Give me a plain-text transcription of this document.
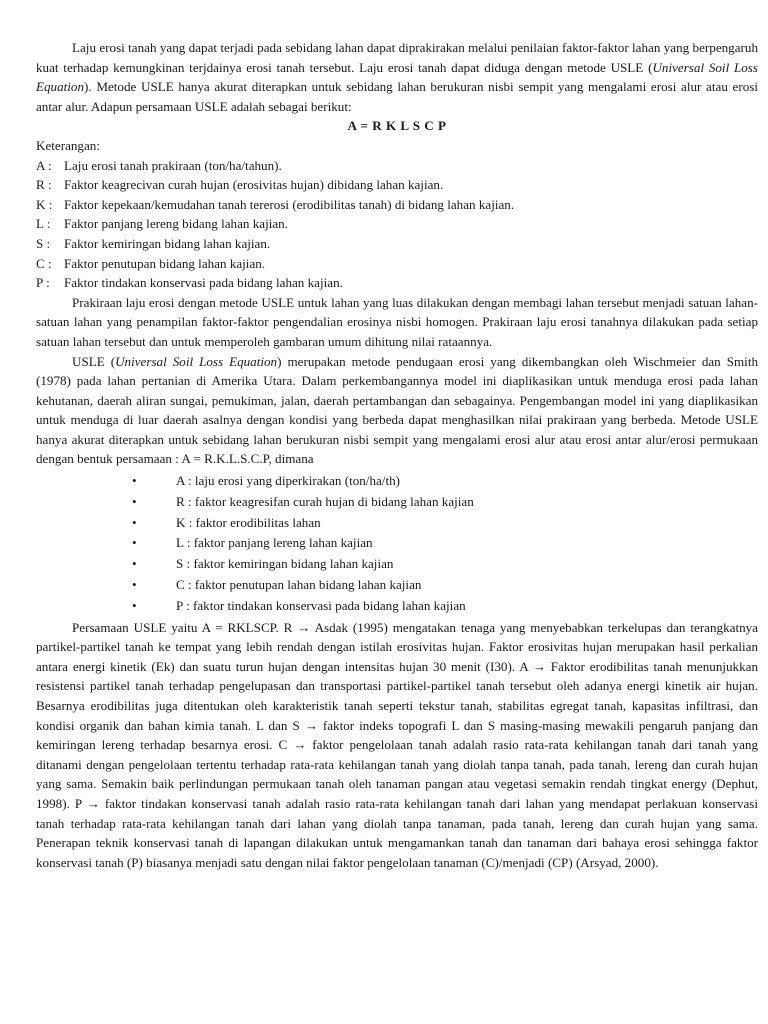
Laju erosi tanah yang dapat terjadi pada sebidang lahan dapat diprakirakan melalui penilaian faktor-faktor lahan yang berpengaruh kuat terhadap kemungkinan terjdainya erosi tanah tersebut. Laju erosi tanah dapat diduga dengan metode USLE (Universal Soil Loss Equation). Metode USLE hanya akurat diterapkan untuk sebidang lahan berukuran nisbi sempit yang mengalami erosi alur atau erosi antar alur. Adapun persamaan USLE adalah sebagai berikut:

A = R K L S C P

Keterangan:

A : Laju erosi tanah prakiraan (ton/ha/tahun).
R : Faktor keagrecivan curah hujan (erosivitas hujan) dibidang lahan kajian.
K : Faktor kepekaan/kemudahan tanah tererosi (erodibilitas tanah) di bidang lahan kajian.
L :	Faktor panjang lereng bidang lahan kajian.
S :	Faktor kemiringan bidang lahan kajian.
C : Faktor penutupan bidang lahan kajian.
P :	Faktor tindakan konservasi pada bidang lahan kajian.

Prakiraan laju erosi dengan metode USLE untuk lahan yang luas dilakukan dengan membagi lahan tersebut menjadi satuan lahan-satuan lahan yang penampilan faktor-faktor pengendalian erosinya nisbi homogen. Prakiraan laju erosi tanahnya dilakukan pada setiap satuan lahan tersebut dan untuk memperoleh gambaran umum dihitung nilai rataannya.

USLE (Universal Soil Loss Equation) merupakan metode pendugaan erosi yang dikembangkan oleh Wischmeier dan Smith (1978) pada lahan pertanian di Amerika Utara. Dalam perkembangannya model ini diaplikasikan untuk menduga erosi pada lahan kehutanan, daerah aliran sungai, pemukiman, jalan, daerah pertambangan dan sebagainya. Pengembangan model ini yang diaplikasikan untuk menduga di luar daerah asalnya dengan kondisi yang berbeda dapat menghasilkan nilai prakiraan yang berbeda. Metode USLE hanya akurat diterapkan untuk sebidang lahan berukuran nisbi sempit yang mengalami erosi alur atau erosi antar alur/erosi permukaan dengan bentuk persamaan : A = R.K.L.S.C.P, dimana

• A : laju erosi yang diperkirakan (ton/ha/th)
• R : faktor keagresifan curah hujan di bidang lahan kajian
• K : faktor erodibilitas lahan
• L : faktor panjang lereng lahan kajian
• S : faktor kemiringan bidang lahan kajian
• C : faktor penutupan lahan bidang lahan kajian
• P : faktor tindakan konservasi pada bidang lahan kajian

Persamaan USLE yaitu A = RKLSCP. R → Asdak (1995) mengatakan tenaga yang menyebabkan terkelupas dan terangkatnya partikel-partikel tanah ke tempat yang lebih rendah dengan istilah erosivitas hujan. Faktor erosivitas hujan merupakan hasil perkalian antara energi kinetik (Ek) dan suatu turun hujan dengan intensitas hujan 30 menit (I30). A → Faktor erodibilitas tanah menunjukkan resistensi partikel tanah terhadap pengelupasan dan transportasi partikel-partikel tanah tersebut oleh adanya energi kinetik air hujan. Besarnya erodibilitas juga ditentukan oleh karakteristik tanah seperti tekstur tanah, stabilitas egregat tanah, kapasitas infiltrasi, dan kondisi organik dan bahan kimia tanah. L dan S → faktor indeks topografi L dan S masing-masing mewakili pengaruh panjang dan kemiringan lereng terhadap besarnya erosi. C → faktor pengelolaan tanah adalah rasio rata-rata kehilangan tanah dari tanah yang ditanami dengan pengelolaan tertentu terhadap rata-rata kehilangan tanah yang diolah tanpa tanah, pada tanah, lereng dan curah hujan yang sama. Semakin baik perlindungan permukaan tanah oleh tanaman pangan atau vegetasi semakin rendah tingkat energy (Dephut, 1998). P → faktor tindakan konservasi tanah adalah rasio rata-rata kehilangan tanah dari lahan yang mendapat perlakuan konservasi tanah terhadap rata-rata kehilangan tanah dari lahan yang diolah tanpa tanaman, pada tanah, lereng dan curah hujan yang sama. Penerapan teknik konservasi tanah di lapangan dilakukan untuk mengamankan tanah dan tanaman dari bahaya erosi sehingga faktor konservasi tanah (P) biasanya menjadi satu dengan nilai faktor pengelolaan tanaman (C)/menjadi (CP) (Arsyad, 2000).
